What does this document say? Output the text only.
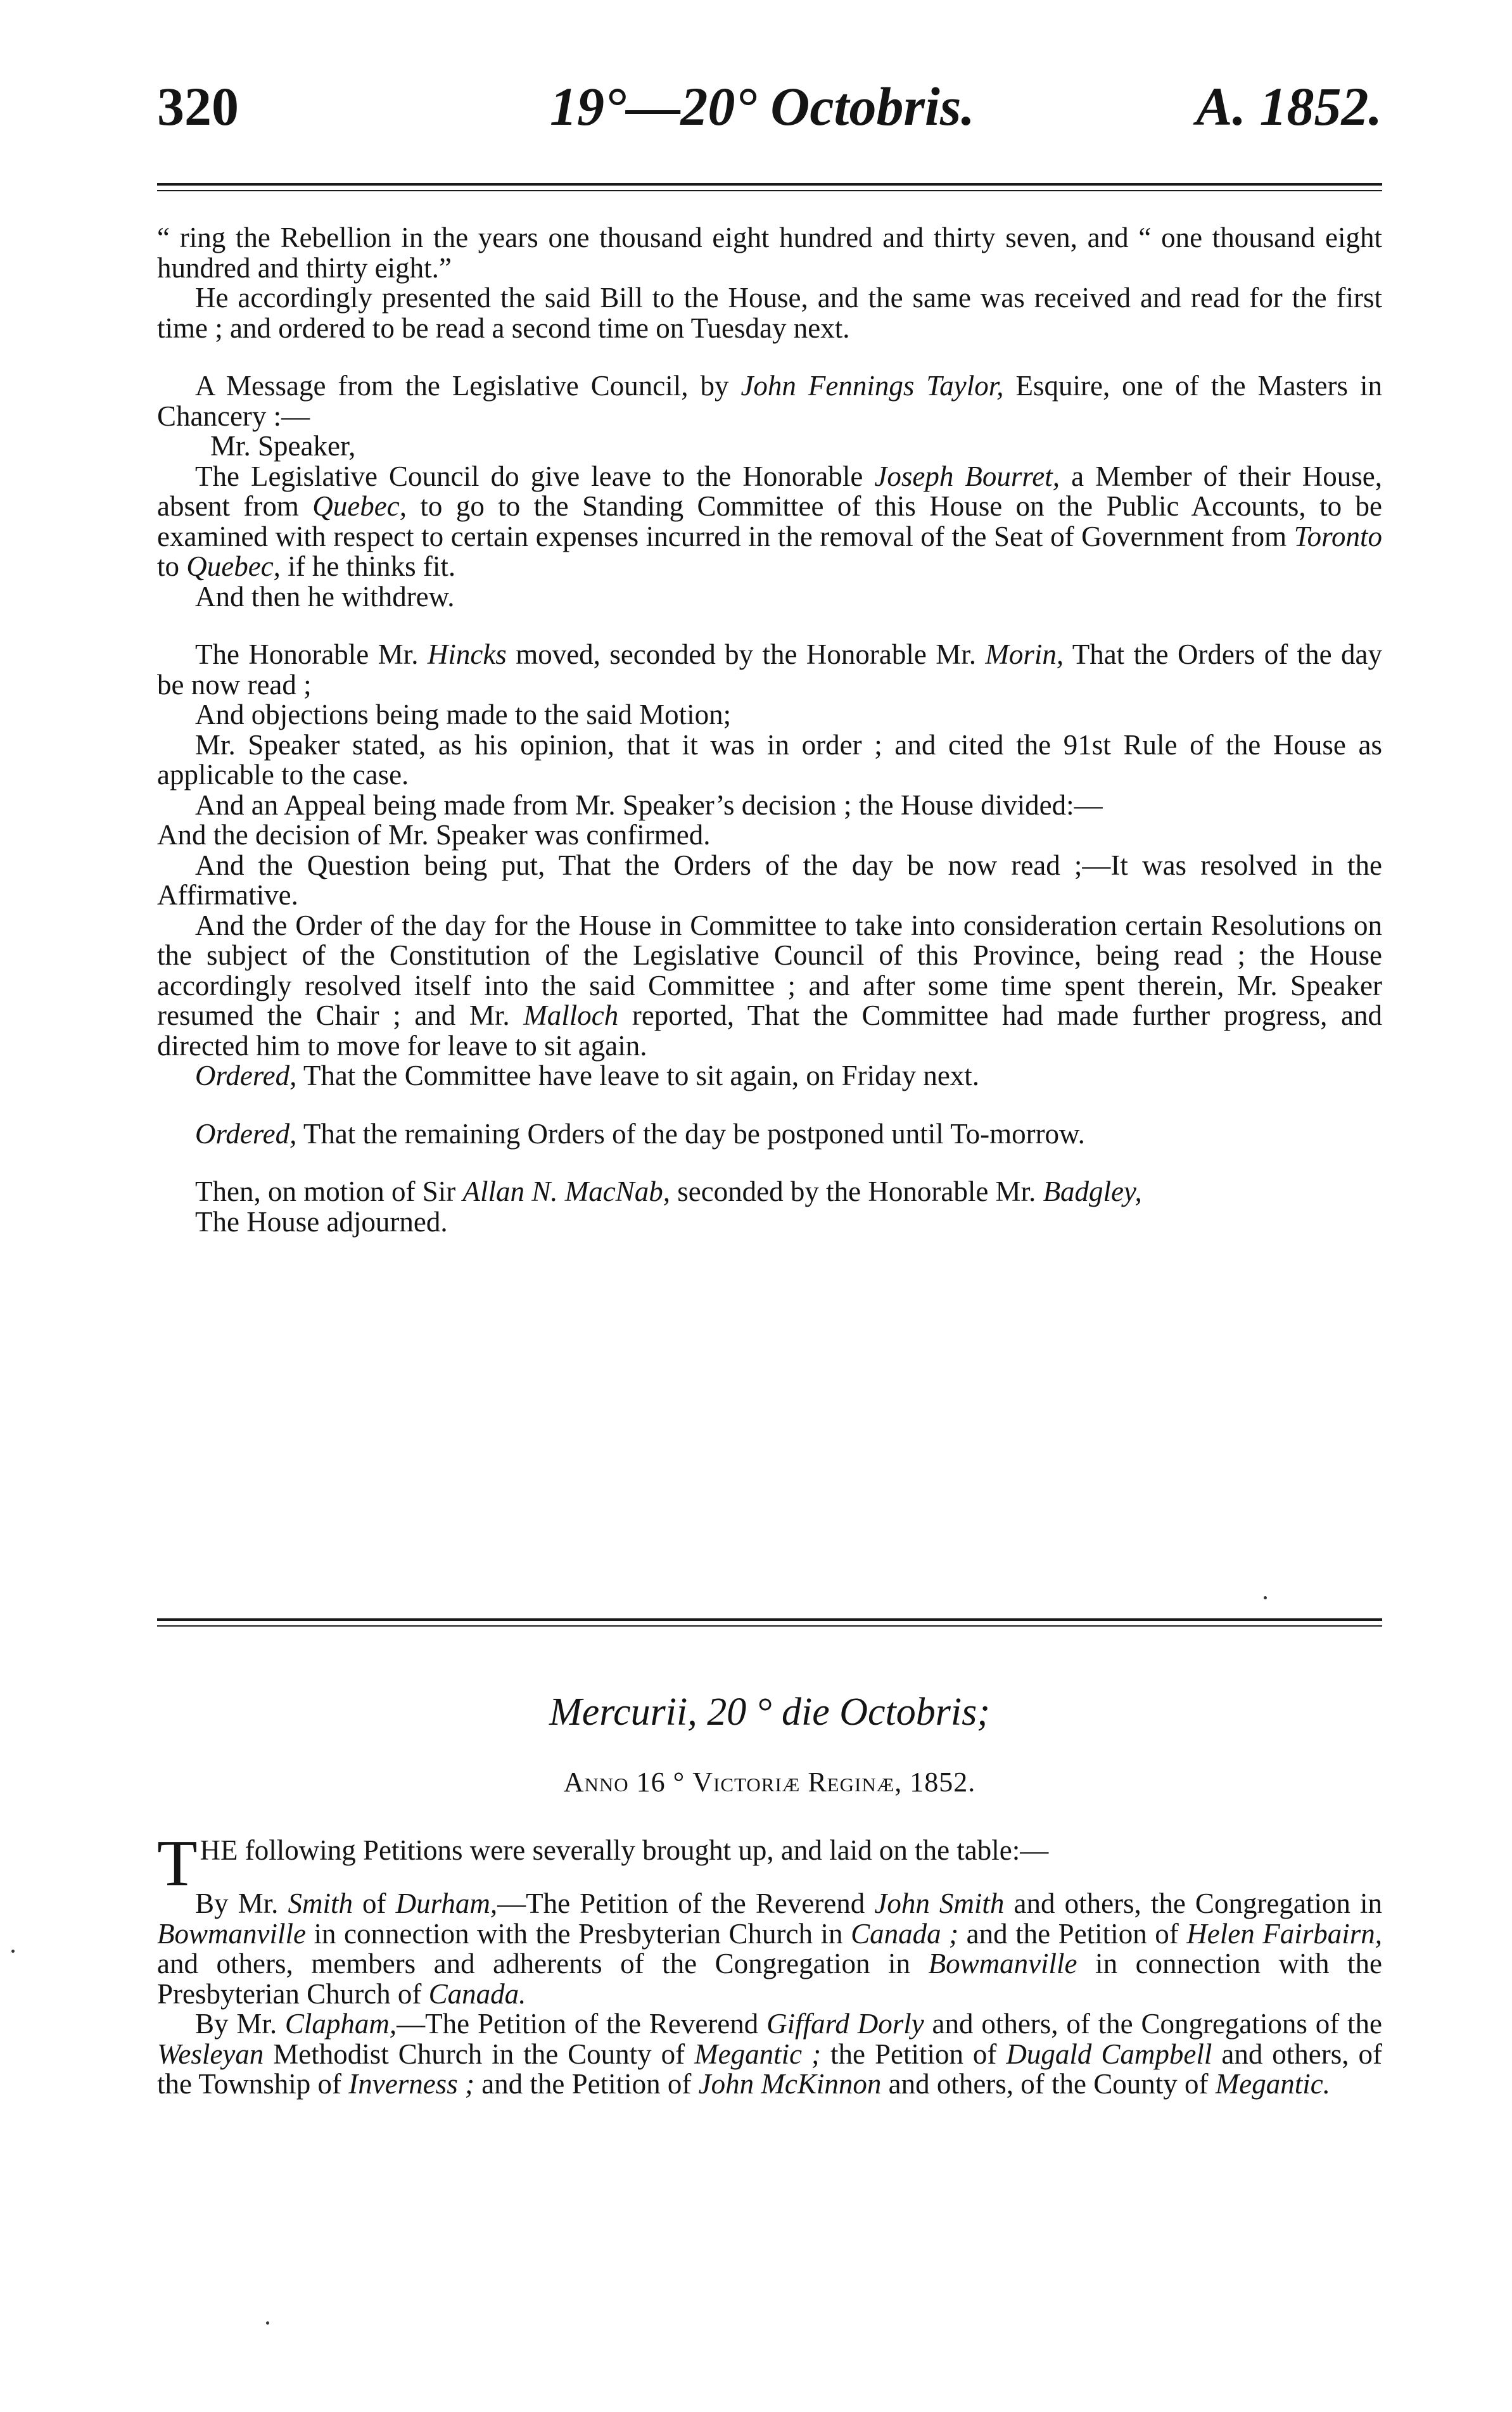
320	19°—20° Octobris.	A. 1852.

“ ring the Rebellion in the years one thousand eight hundred and thirty seven, and “ one thousand eight hundred and thirty eight.”

He accordingly presented the said Bill to the House, and the same was received and read for the first time ; and ordered to be read a second time on Tuesday next.

A Message from the Legislative Council, by John Fennings Taylor, Esquire, one of the Masters in Chancery :—

Mr. Speaker,

The Legislative Council do give leave to the Honorable Joseph Bourret, a Member of their House, absent from Quebec, to go to the Standing Committee of this House on the Public Accounts, to be examined with respect to certain expenses incurred in the removal of the Seat of Government from Toronto to Quebec, if he thinks fit.

And then he withdrew.

The Honorable Mr. Hincks moved, seconded by the Honorable Mr. Morin, That the Orders of the day be now read ;

And objections being made to the said Motion;

Mr. Speaker stated, as his opinion, that it was in order ; and cited the 91st Rule of the House as applicable to the case.

And an Appeal being made from Mr. Speaker’s decision ; the House divided:—

And the decision of Mr. Speaker was confirmed.

And the Question being put, That the Orders of the day be now read ;—It was resolved in the Affirmative.

And the Order of the day for the House in Committee to take into consideration certain Resolutions on the subject of the Constitution of the Legislative Council of this Province, being read ; the House accordingly resolved itself into the said Committee ; and after some time spent therein, Mr. Speaker resumed the Chair ; and Mr. Malloch reported, That the Committee had made further progress, and directed him to move for leave to sit again.

Ordered, That the Committee have leave to sit again, on Friday next.

Ordered, That the remaining Orders of the day be postponed until To-morrow.

Then, on motion of Sir Allan N. MacNab, seconded by the Honorable Mr. Badgley,

The House adjourned.

Mercurii, 20 ° die Octobris;
Anno 16 ° Victoriæ Reginæ, 1852.

THE following Petitions were severally brought up, and laid on the table:—

By Mr. Smith of Durham,—The Petition of the Reverend John Smith and others, the Congregation in Bowmanville in connection with the Presbyterian Church in Canada ; and the Petition of Helen Fairbairn, and others, members and adherents of the Congregation in Bowmanville in connection with the Presbyterian Church of Canada.

By Mr. Clapham,—The Petition of the Reverend Giffard Dorly and others, of the Congregations of the Wesleyan Methodist Church in the County of Megantic ; the Petition of Dugald Campbell and others, of the Township of Inverness ; and the Petition of John McKinnon and others, of the County of Megantic.
